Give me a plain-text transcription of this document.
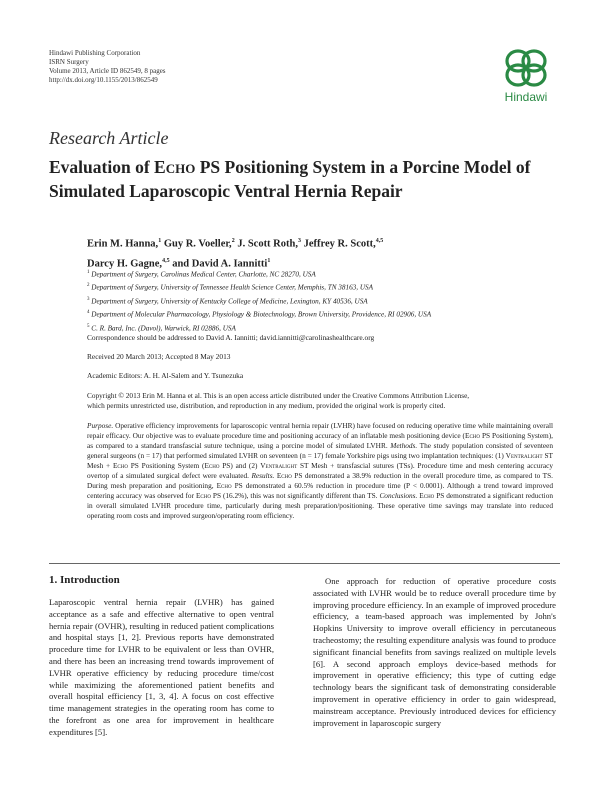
Hindawi Publishing Corporation
ISRN Surgery
Volume 2013, Article ID 862549, 8 pages
http://dx.doi.org/10.1155/2013/862549
Hindawi
Research Article
Evaluation of ECHO PS Positioning System in a Porcine Model of
Simulated Laparoscopic Ventral Hernia Repair
Erin M. Hanna,$^1$ Guy R. Voeller,$^2$ J. Scott Roth,$^3$ Jeffrey R. Scott,$^{4,5}$
Darcy H. Gagne,$^{4,5}$ and David A. Iannitti$^1$
$^1$ Department of Surgery, Carolinas Medical Center, Charlotte, NC 28270, USA
$^2$ Department of Surgery, University of Tennessee Health Science Center, Memphis, TN 38163, USA
$^3$ Department of Surgery, University of Kentucky College of Medicine, Lexington, KY 40536, USA
$^4$ Department of Molecular Pharmacology, Physiology & Biotechnology, Brown University, Providence, RI 02906, USA
$^5$ C. R. Bard, Inc. (Davol), Warwick, RI 02886, USA
Correspondence should be addressed to David A. Iannitti; david.iannitti@carolinashealthcare.org
Received 20 March 2013; Accepted 8 May 2013
Academic Editors: A. H. Al-Salem and Y. Tsunezuka
Copyright © 2013 Erin M. Hanna et al. This is an open access article distributed under the Creative Commons Attribution License,
which permits unrestricted use, distribution, and reproduction in any medium, provided the original work is properly cited.
Purpose. Operative efficiency improvements for laparoscopic ventral hernia repair (LVHR) have focused on reducing operative time while maintaining overall repair efficacy. Our objective was to evaluate procedure time and positioning accuracy of an inflatable mesh positioning device (Echo PS Positioning System), as compared to a standard transfascial suture technique, using a porcine model of simulated LVHR. Methods. The study population consisted of seventeen general surgeons (n = 17) that performed simulated LVHR on seventeen (n = 17) female Yorkshire pigs using two implantation techniques: (1) Ventralight ST Mesh + Echo PS Positioning System (Echo PS) and (2) Ventralight ST Mesh + transfascial sutures (TSs). Procedure time and mesh centering accuracy overtop of a simulated surgical defect were evaluated. Results. Echo PS demonstrated a 38.9% reduction in the overall procedure time, as compared to TS. During mesh preparation and positioning, Echo PS demonstrated a 60.5% reduction in procedure time (P < 0.0001). Although a trend toward improved centering accuracy was observed for Echo PS (16.2%), this was not significantly different than TS. Conclusions. Echo PS demonstrated a significant reduction in overall simulated LVHR procedure time, particularly during mesh preparation/positioning. These operative time savings may translate into reduced operating room costs and improved surgeon/operating room efficiency.
1. Introduction
Laparoscopic ventral hernia repair (LVHR) has gained acceptance as a safe and effective alternative to open ventral hernia repair (OVHR), resulting in reduced patient complications and hospital stays [1, 2]. Previous reports have demonstrated procedure time for LVHR to be equivalent or less than OVHR, and there has been an increasing trend towards improvement of LVHR operative efficiency by reducing procedure time/cost while maximizing the aforementioned patient benefits and overall hospital efficiency [1, 3, 4]. A focus on cost effective time management strategies in the operating room has come to the forefront as one area for improvement in healthcare expenditures [5].

One approach for reduction of operative procedure costs associated with LVHR would be to reduce overall procedure time by improving procedure efficiency. In an example of improved procedure efficiency, a team-based approach was implemented by John's Hopkins University to improve overall efficiency in percutaneous tracheostomy; the resulting expenditure analysis was found to produce significant financial benefits from savings realized on multiple levels [6]. A second approach employs device-based methods for improvement in operative efficiency; this type of cutting edge technology bears the significant task of demonstrating considerable improvement in operative efficiency in order to gain widespread, mainstream acceptance. Previously introduced devices for efficiency improvement in laparoscopic surgery
